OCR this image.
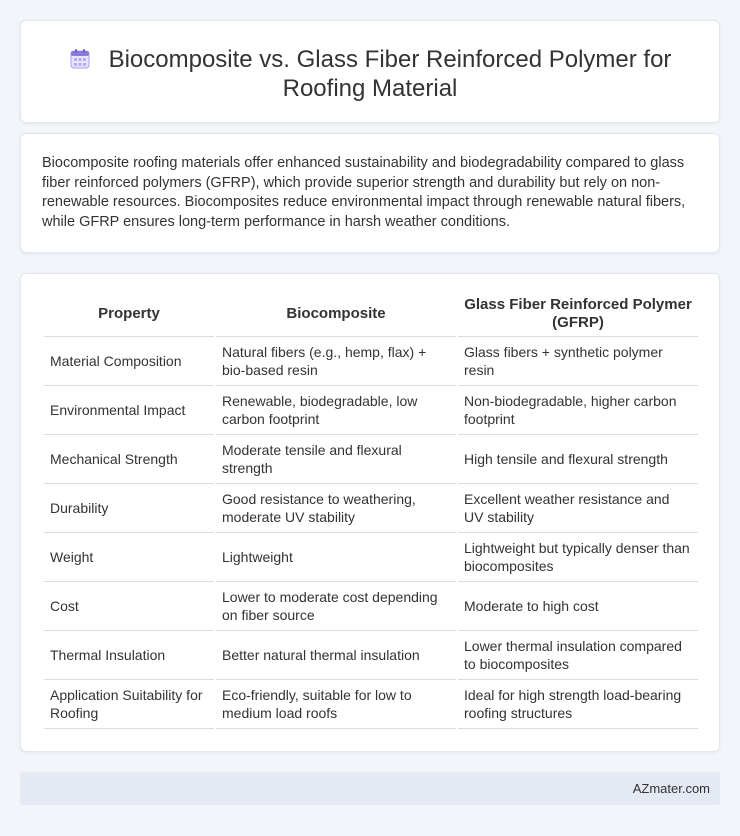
Biocomposite vs. Glass Fiber Reinforced Polymer for Roofing Material

Biocomposite roofing materials offer enhanced sustainability and biodegradability compared to glass fiber reinforced polymers (GFRP), which provide superior strength and durability but rely on non-renewable resources. Biocomposites reduce environmental impact through renewable natural fibers, while GFRP ensures long-term performance in harsh weather conditions.

Property	Biocomposite	Glass Fiber Reinforced Polymer (GFRP)
Material Composition	Natural fibers (e.g., hemp, flax) + bio-based resin	Glass fibers + synthetic polymer resin
Environmental Impact	Renewable, biodegradable, low carbon footprint	Non-biodegradable, higher carbon footprint
Mechanical Strength	Moderate tensile and flexural strength	High tensile and flexural strength
Durability	Good resistance to weathering, moderate UV stability	Excellent weather resistance and UV stability
Weight	Lightweight	Lightweight but typically denser than biocomposites
Cost	Lower to moderate cost depending on fiber source	Moderate to high cost
Thermal Insulation	Better natural thermal insulation	Lower thermal insulation compared to biocomposites
Application Suitability for Roofing	Eco-friendly, suitable for low to medium load roofs	Ideal for high strength load-bearing roofing structures
AZmater.com
